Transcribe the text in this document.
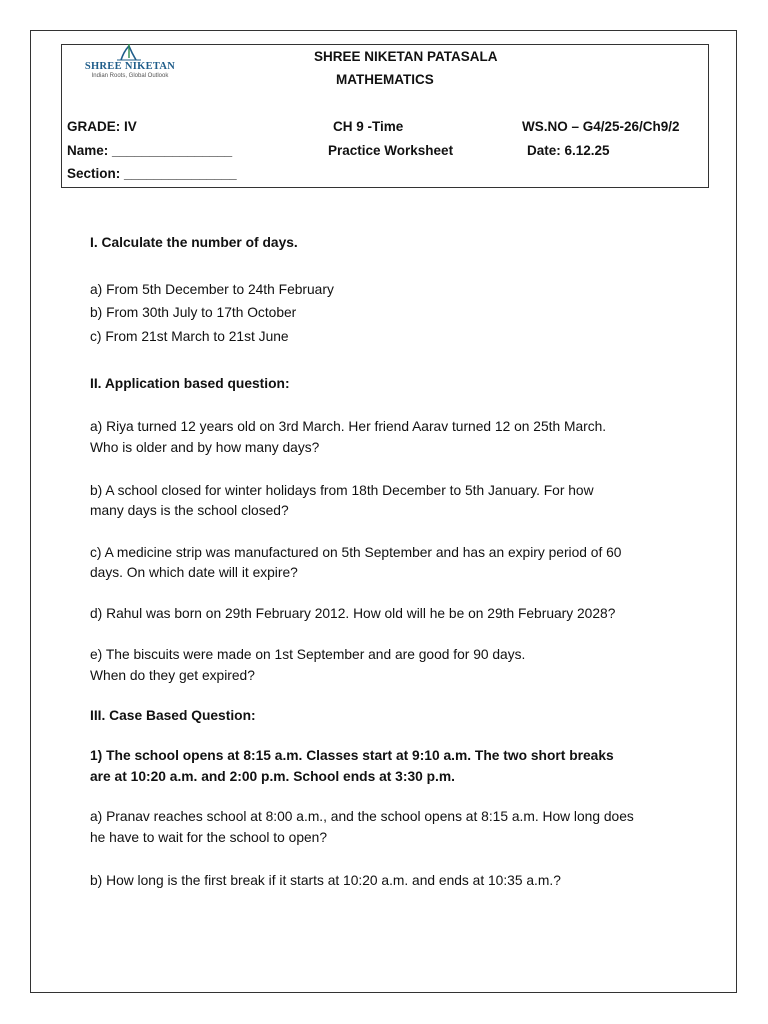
SHREE NIKETAN
Indian Roots, Global Outlook
SHREE NIKETAN PATASALA
MATHEMATICS
GRADE: IV
Name: ________________
Section: _______________
CH 9 -Time
Practice Worksheet
WS.NO – G4/25-26/Ch9/2
Date: 6.12.25
I. Calculate the number of days.
a) From 5th December to 24th February
b) From 30th July to 17th October
c) From 21st March to 21st June
II. Application based question:
a) Riya turned 12 years old on 3rd March. Her friend Aarav turned 12 on 25th March.
Who is older and by how many days?
b) A school closed for winter holidays from 18th December to 5th January. For how
many days is the school closed?
c) A medicine strip was manufactured on 5th September and has an expiry period of 60
days. On which date will it expire?
d) Rahul was born on 29th February 2012. How old will he be on 29th February 2028?
e) The biscuits were made on 1st September and are good for 90 days.
When do they get expired?
III. Case Based Question:
1) The school opens at 8:15 a.m. Classes start at 9:10 a.m. The two short breaks
are at 10:20 a.m. and 2:00 p.m. School ends at 3:30 p.m.
a) Pranav reaches school at 8:00 a.m., and the school opens at 8:15 a.m. How long does
he have to wait for the school to open?
b) How long is the first break if it starts at 10:20 a.m. and ends at 10:35 a.m.?
